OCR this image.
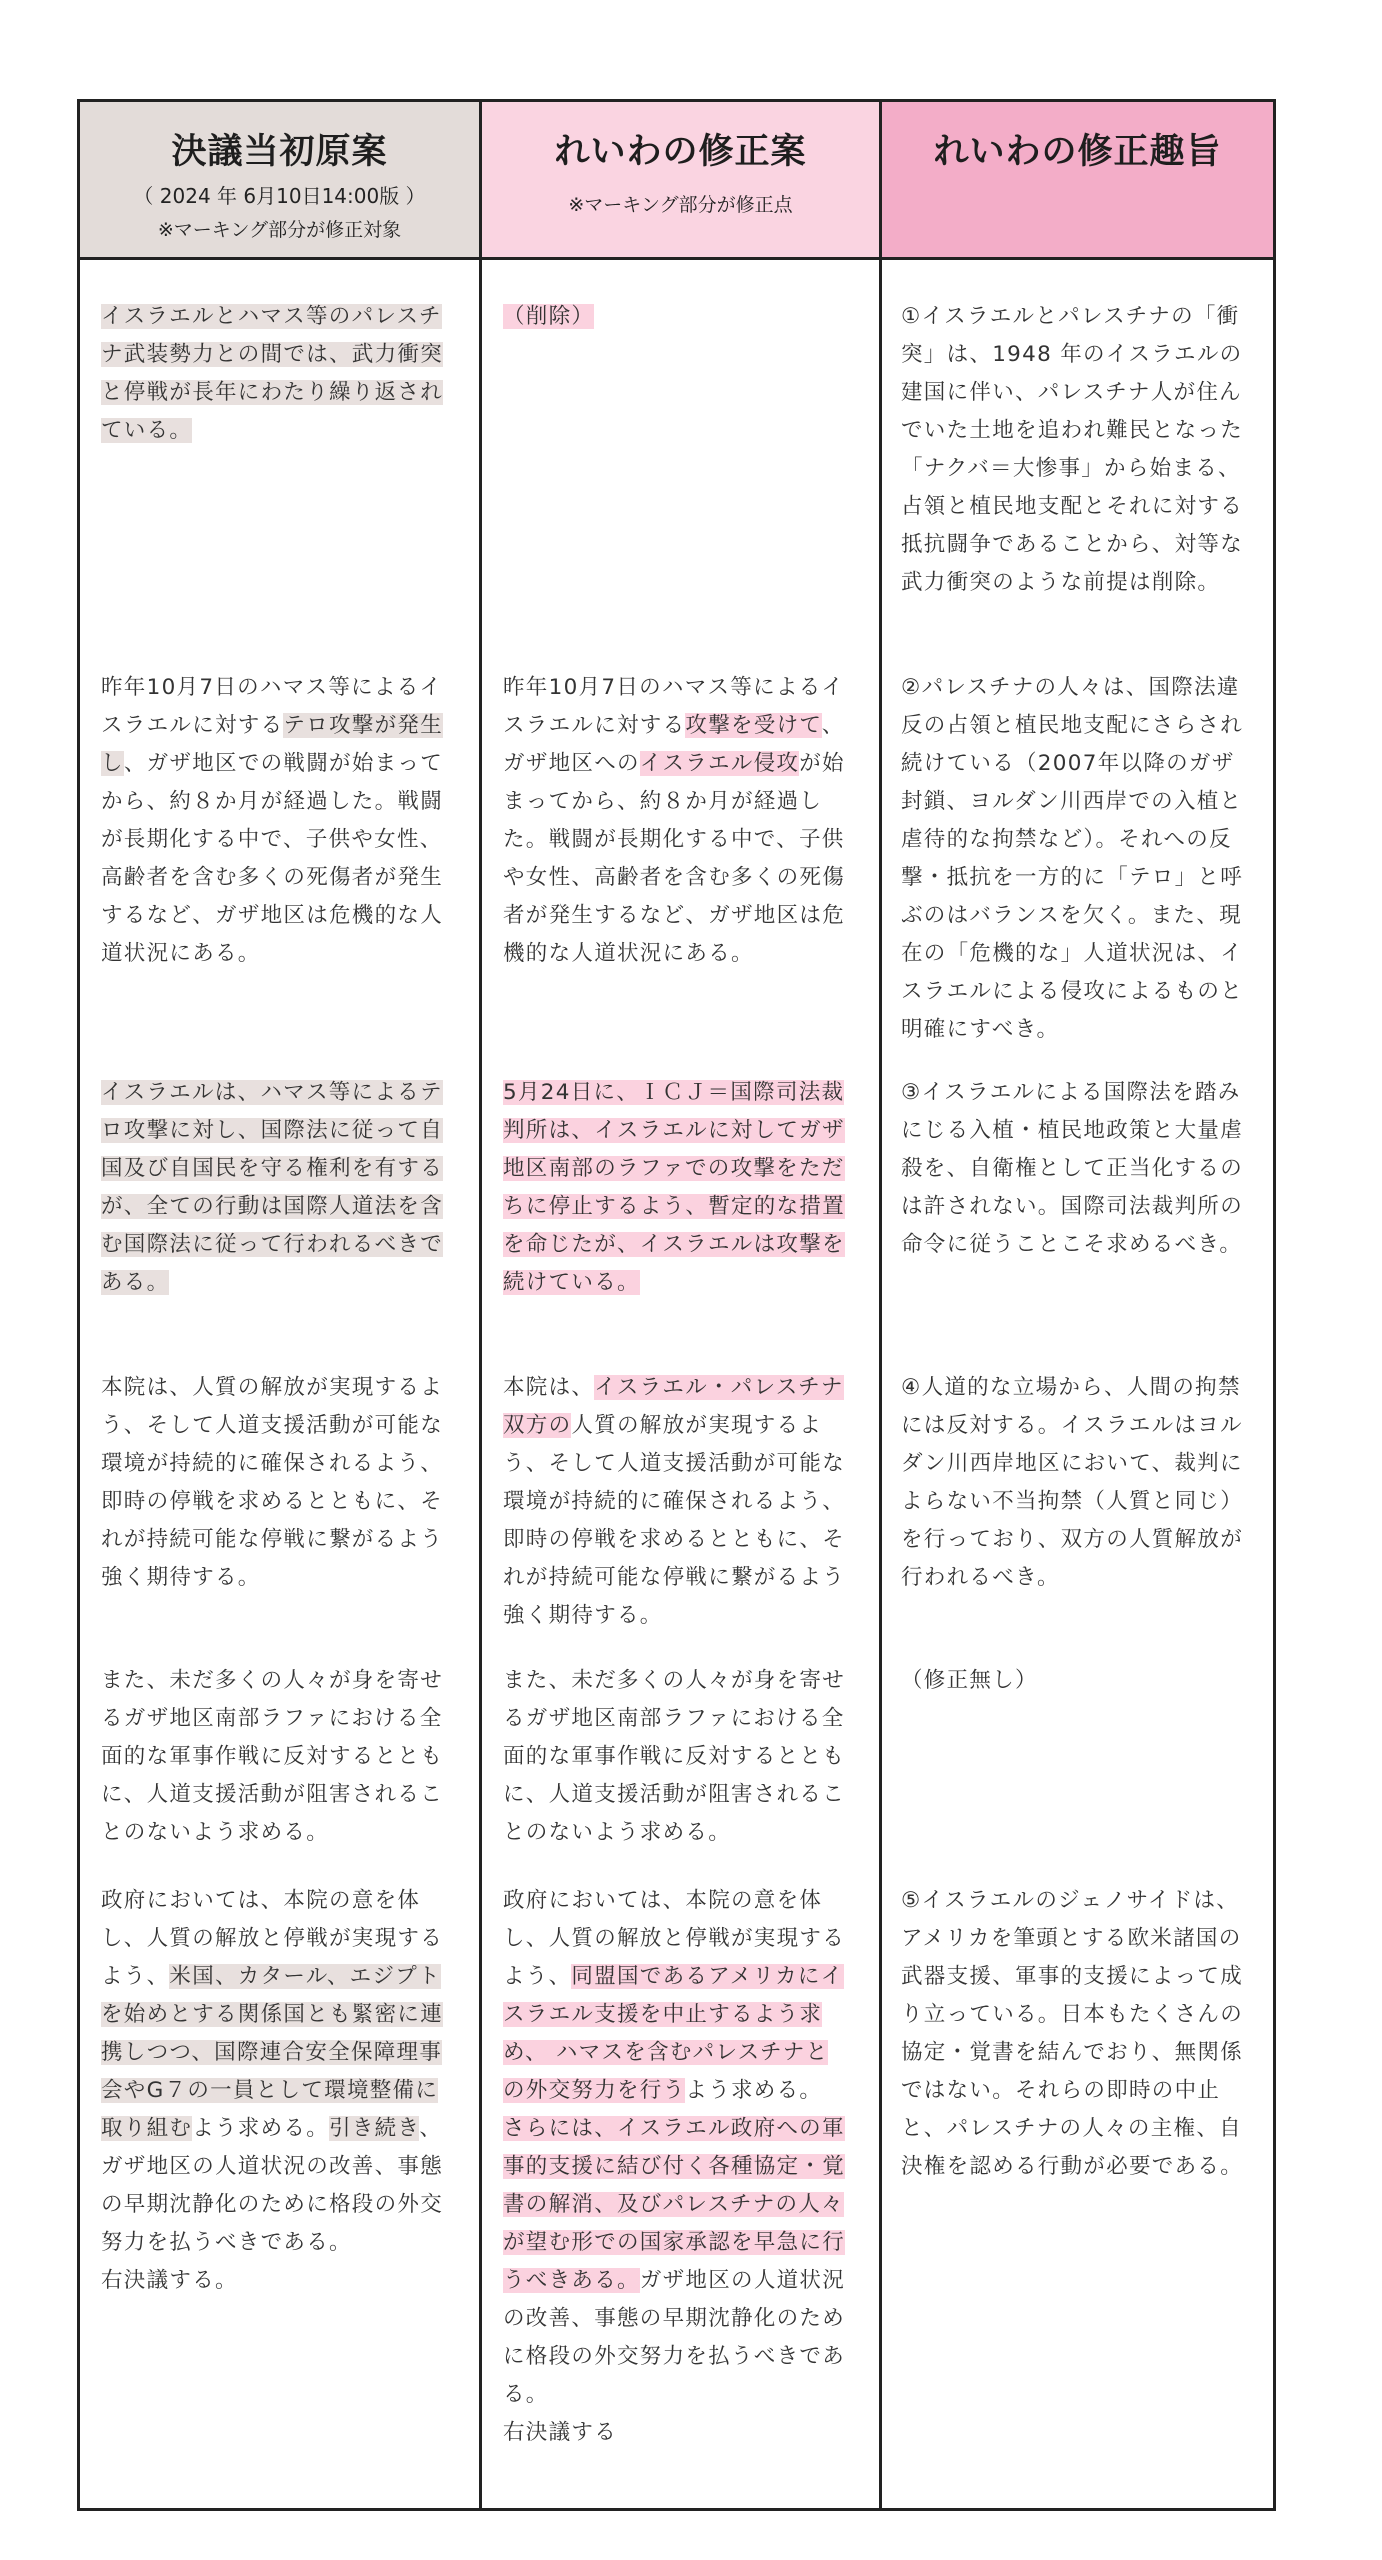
決議当初原案
（ 2024 年 6月10日14:00版 ）
※マーキング部分が修正対象
れいわの修正案
※マーキング部分が修正点
れいわの修正趣旨
イスラエルとハマス等のパレスチナ武装勢力との間では、武力衝突と停戦が長年にわたり繰り返されている。
（削除）	①イスラエルとパレスチナの「衝突」は、1948 年のイスラエルの建国に伴い、パレスチナ人が住んでいた土地を追われ難民となった「ナクバ＝大惨事」から始まる、占領と植民地支配とそれに対する抵抗闘争であることから、対等な武力衝突のような前提は削除。
昨年10月7日のハマス等によるイスラエルに対するテロ攻撃が発生し、ガザ地区での戦闘が始まってから、約８か月が経過した。戦闘が長期化する中で、子供や女性、高齢者を含む多くの死傷者が発生するなど、ガザ地区は危機的な人道状況にある。
昨年10月7日のハマス等によるイスラエルに対する攻撃を受けて、ガザ地区へのイスラエル侵攻が始まってから、約８か月が経過した。戦闘が長期化する中で、子供や女性、高齢者を含む多くの死傷者が発生するなど、ガザ地区は危機的な人道状況にある。
②パレスチナの人々は、国際法違反の占領と植民地支配にさらされ続けている（2007年以降のガザ封鎖、ヨルダン川西岸での入植と虐待的な拘禁など）。それへの反撃・抵抗を一方的に「テロ」と呼ぶのはバランスを欠く。また、現在の「危機的な」人道状況は、イスラエルによる侵攻によるものと明確にすべき。
イスラエルは、ハマス等によるテロ攻撃に対し、国際法に従って自国及び自国民を守る権利を有するが、全ての行動は国際人道法を含む国際法に従って行われるべきである。
5月24日に、ＩＣＪ＝国際司法裁判所は、イスラエルに対してガザ地区南部のラファでの攻撃をただちに停止するよう、暫定的な措置を命じたが、イスラエルは攻撃を続けている。
③イスラエルによる国際法を踏みにじる入植・植民地政策と大量虐殺を、自衛権として正当化するのは許されない。国際司法裁判所の命令に従うことこそ求めるべき。
本院は、人質の解放が実現するよう、そして人道支援活動が可能な環境が持続的に確保されるよう、即時の停戦を求めるとともに、それが持続可能な停戦に繋がるよう強く期待する。
本院は、イスラエル・パレスチナ双方の人質の解放が実現するよう、そして人道支援活動が可能な環境が持続的に確保されるよう、即時の停戦を求めるとともに、それが持続可能な停戦に繋がるよう強く期待する。
④人道的な立場から、人間の拘禁には反対する。イスラエルはヨルダン川西岸地区において、裁判によらない不当拘禁（人質と同じ）を行っており、双方の人質解放が行われるべき。
また、未だ多くの人々が身を寄せるガザ地区南部ラファにおける全面的な軍事作戦に反対するとともに、人道支援活動が阻害されることのないよう求める。
また、未だ多くの人々が身を寄せるガザ地区南部ラファにおける全面的な軍事作戦に反対するとともに、人道支援活動が阻害されることのないよう求める。
（修正無し）
政府においては、本院の意を体し、人質の解放と停戦が実現するよう、米国、カタール、エジプトを始めとする関係国とも緊密に連携しつつ、国際連合安全保障理事会やG７の一員として環境整備に取り組むよう求める。引き続き、ガザ地区の人道状況の改善、事態の早期沈静化のために格段の外交努力を払うべきである。
右決議する。
政府においては、本院の意を体し、人質の解放と停戦が実現するよう、同盟国であるアメリカにイスラエル支援を中止するよう求め、 ハマスを含むパレスチナとの外交努力を行うよう求める。
さらには、イスラエル政府への軍事的支援に結び付く各種協定・覚書の解消、及びパレスチナの人々が望む形での国家承認を早急に行うべきある。ガザ地区の人道状況の改善、事態の早期沈静化のために格段の外交努力を払うべきである。
右決議する
⑤イスラエルのジェノサイドは、アメリカを筆頭とする欧米諸国の武器支援、軍事的支援によって成り立っている。日本もたくさんの協定・覚書を結んでおり、無関係ではない。それらの即時の中止と、パレスチナの人々の主権、自決権を認める行動が必要である。
